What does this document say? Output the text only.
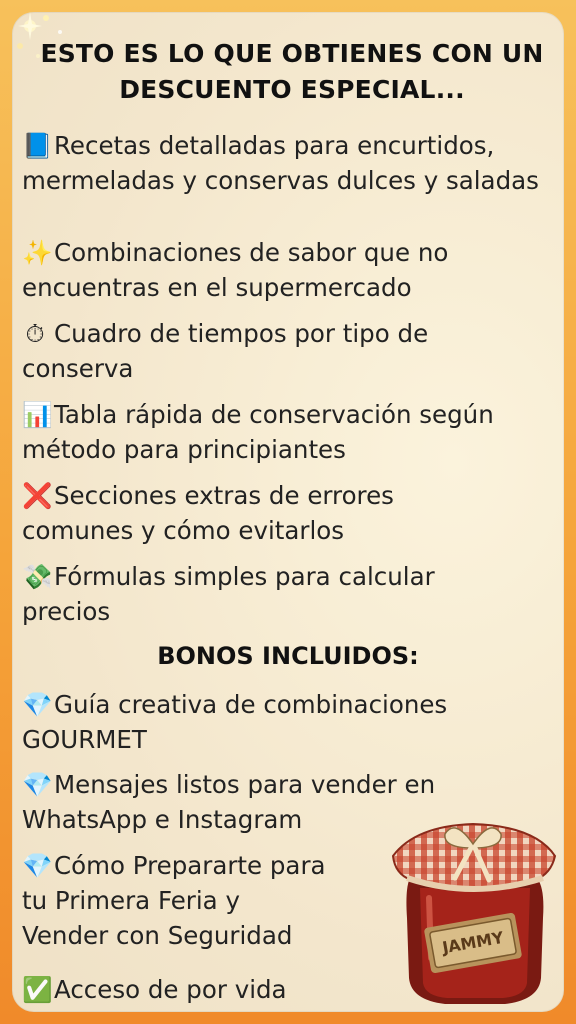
ESTO ES LO QUE OBTIENES CON UN
DESCUENTO ESPECIAL...
📘Recetas detalladas para encurtidos, mermeladas y conservas dulces y saladas
✨Combinaciones de sabor que no encuentras en el supermercado
⏱ Cuadro de tiempos por tipo de conserva
📊Tabla rápida de conservación según método para principiantes
❌Secciones extras de errores comunes y cómo evitarlos
💸Fórmulas simples para calcular precios
BONOS INCLUIDOS:
💎Guía creativa de combinaciones GOURMET
💎Mensajes listos para vender en WhatsApp e Instagram
💎Cómo Prepararte para
tu Primera Feria y
Vender con Seguridad
✅Acceso de por vida
JAMMY
